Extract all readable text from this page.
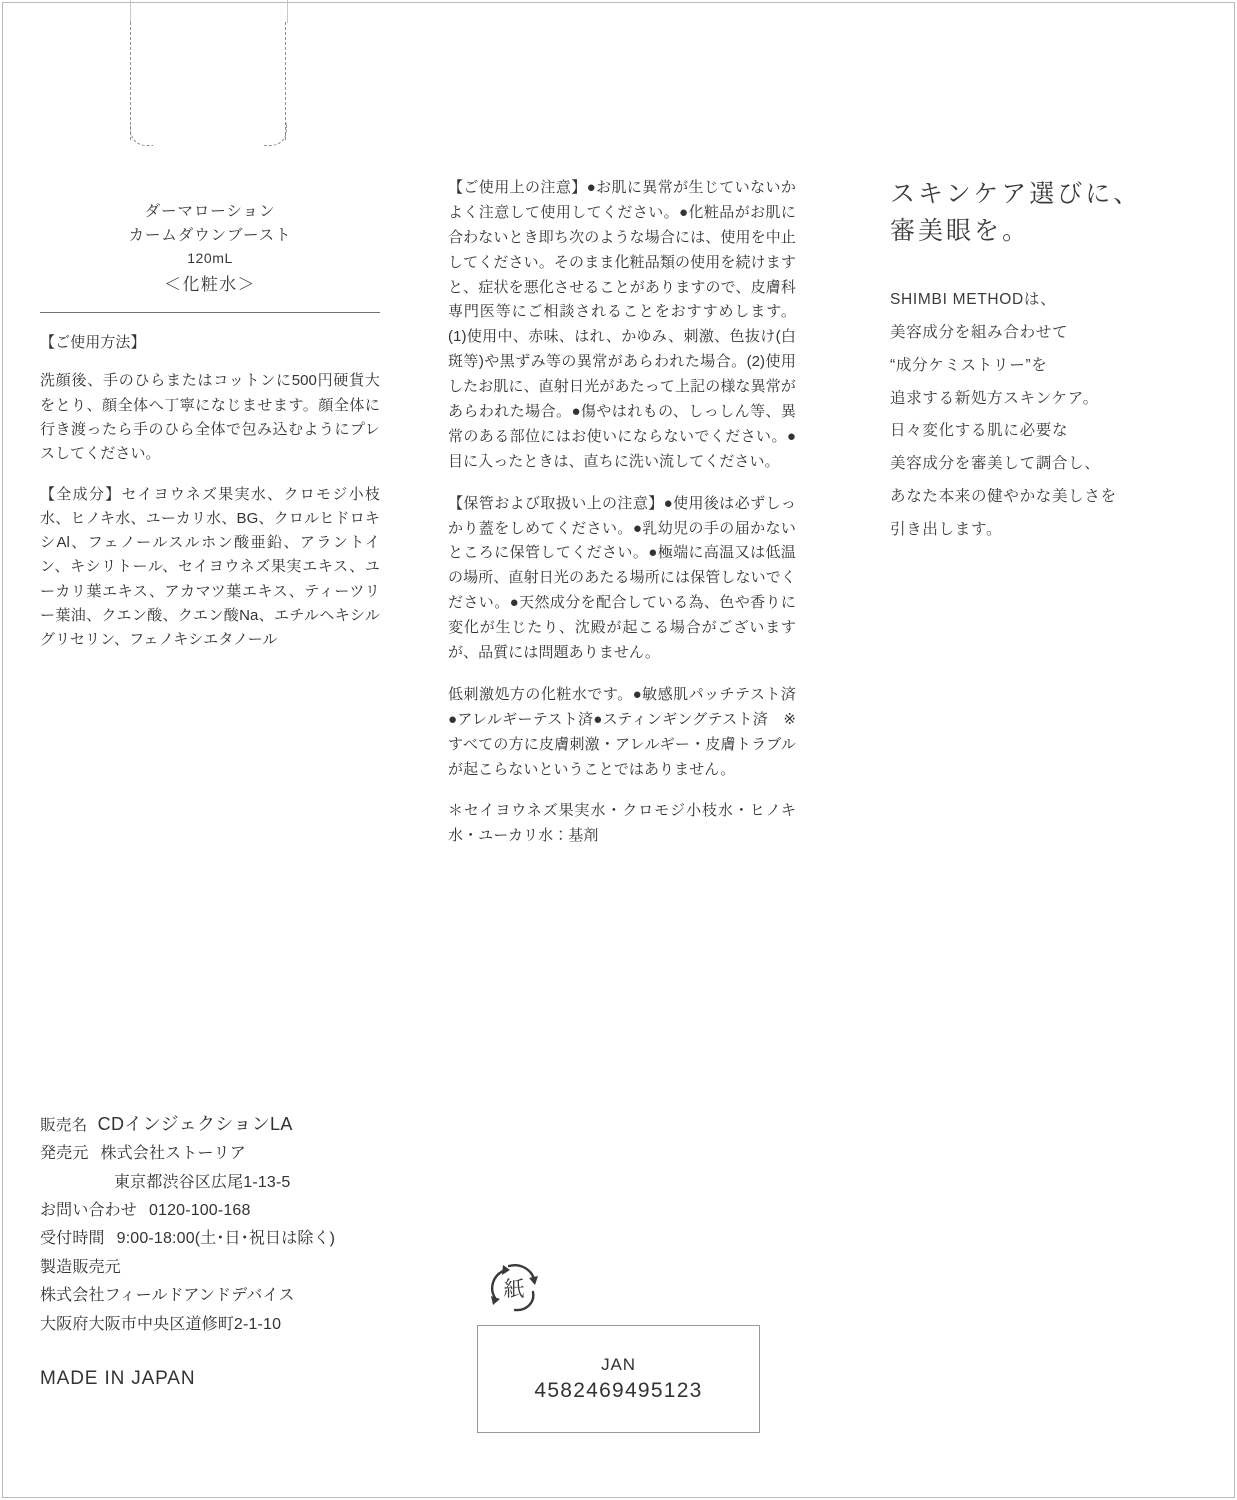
ダーマローション
カームダウンブースト
120mL
＜化粧水＞
【ご使用方法】
洗顔後、手のひらまたはコットンに500円硬貨大をとり、顔全体へ丁寧になじませます。顔全体に行き渡ったら手のひら全体で包み込むようにプレスしてください。
【全成分】セイヨウネズ果実水、クロモジ小枝水、ヒノキ水、ユーカリ水、BG、クロルヒドロキシAl、フェノールスルホン酸亜鉛、アラントイン、キシリトール、セイヨウネズ果実エキス、ユーカリ葉エキス、アカマツ葉エキス、ティーツリー葉油、クエン酸、クエン酸Na、エチルヘキシルグリセリン、フェノキシエタノール
【ご使用上の注意】●お肌に異常が生じていないかよく注意して使用してください。●化粧品がお肌に合わないとき即ち次のような場合には、使用を中止してください。そのまま化粧品類の使用を続けますと、症状を悪化させることがありますので、皮膚科専門医等にご相談されることをおすすめします。(1)使用中、赤味、はれ、かゆみ、刺激、色抜け(白斑等)や黒ずみ等の異常があらわれた場合。(2)使用したお肌に、直射日光があたって上記の様な異常があらわれた場合。●傷やはれもの、しっしん等、異常のある部位にはお使いにならないでください。●目に入ったときは、直ちに洗い流してください。
【保管および取扱い上の注意】●使用後は必ずしっかり蓋をしめてください。●乳幼児の手の届かないところに保管してください。●極端に高温又は低温の場所、直射日光のあたる場所には保管しないでください。●天然成分を配合している為、色や香りに変化が生じたり、沈殿が起こる場合がございますが、品質には問題ありません。
低刺激処方の化粧水です。●敏感肌パッチテスト済●アレルギーテスト済●スティンギングテスト済　※すべての方に皮膚刺激・アレルギー・皮膚トラブルが起こらないということではありません。
＊セイヨウネズ果実水・クロモジ小枝水・ヒノキ水・ユーカリ水：基剤
スキンケア選びに、
審美眼を。
SHIMBI METHODは、
美容成分を組み合わせて
“成分ケミストリー”を
追求する新処方スキンケア。
日々変化する肌に必要な
美容成分を審美して調合し、
あなた本来の健やかな美しさを
引き出します。
販売名 CDインジェクションLA
発売元 株式会社ストーリア
東京都渋谷区広尾1-13-5
お問い合わせ 0120-100-168
受付時間 9:00-18:00(土･日･祝日は除く)
製造販売元
株式会社フィールドアンドデバイス
大阪府大阪市中央区道修町2-1-10
MADE IN JAPAN
紙
JAN
4582469495123
